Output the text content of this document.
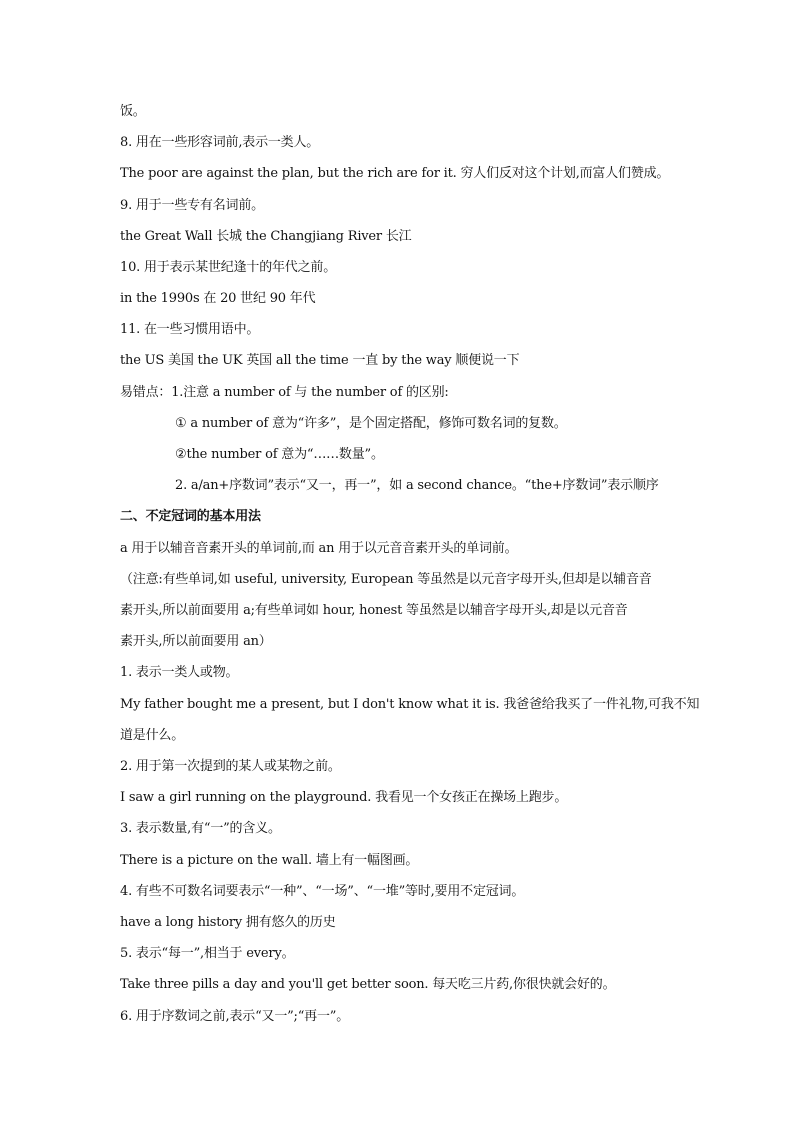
饭。
8. 用在一些形容词前,表示一类人。
The poor are against the plan, but the rich are for it. 穷人们反对这个计划,而富人们赞成。
9. 用于一些专有名词前。
the Great Wall 长城 the Changjiang River 长江
10. 用于表示某世纪逢十的年代之前。
in the 1990s 在 20 世纪 90 年代
11. 在一些习惯用语中。
the US 美国 the UK 英国 all the time 一直 by the way 顺便说一下
易错点：1.注意 a number of 与 the number of 的区别:
① a number of 意为“许多”，是个固定搭配，修饰可数名词的复数。
②the number of 意为“……数量”。
2. a/an+序数词”表示“又一，再一”，如 a second chance。“the+序数词”表示顺序
二、不定冠词的基本用法
a 用于以辅音音素开头的单词前,而 an 用于以元音音素开头的单词前。
（注意:有些单词,如 useful, university, European 等虽然是以元音字母开头,但却是以辅音音
素开头,所以前面要用 a;有些单词如 hour, honest 等虽然是以辅音字母开头,却是以元音音
素开头,所以前面要用 an）
1. 表示一类人或物。
My father bought me a present, but I don't know what it is. 我爸爸给我买了一件礼物,可我不知
道是什么。
2. 用于第一次提到的某人或某物之前。
I saw a girl running on the playground. 我看见一个女孩正在操场上跑步。
3. 表示数量,有“一”的含义。
There is a picture on the wall. 墙上有一幅图画。
4. 有些不可数名词要表示“一种”、“一场”、“一堆”等时,要用不定冠词。
have a long history 拥有悠久的历史
5. 表示“每一”,相当于 every。
Take three pills a day and you'll get better soon. 每天吃三片药,你很快就会好的。
6. 用于序数词之前,表示“又一”;“再一”。
